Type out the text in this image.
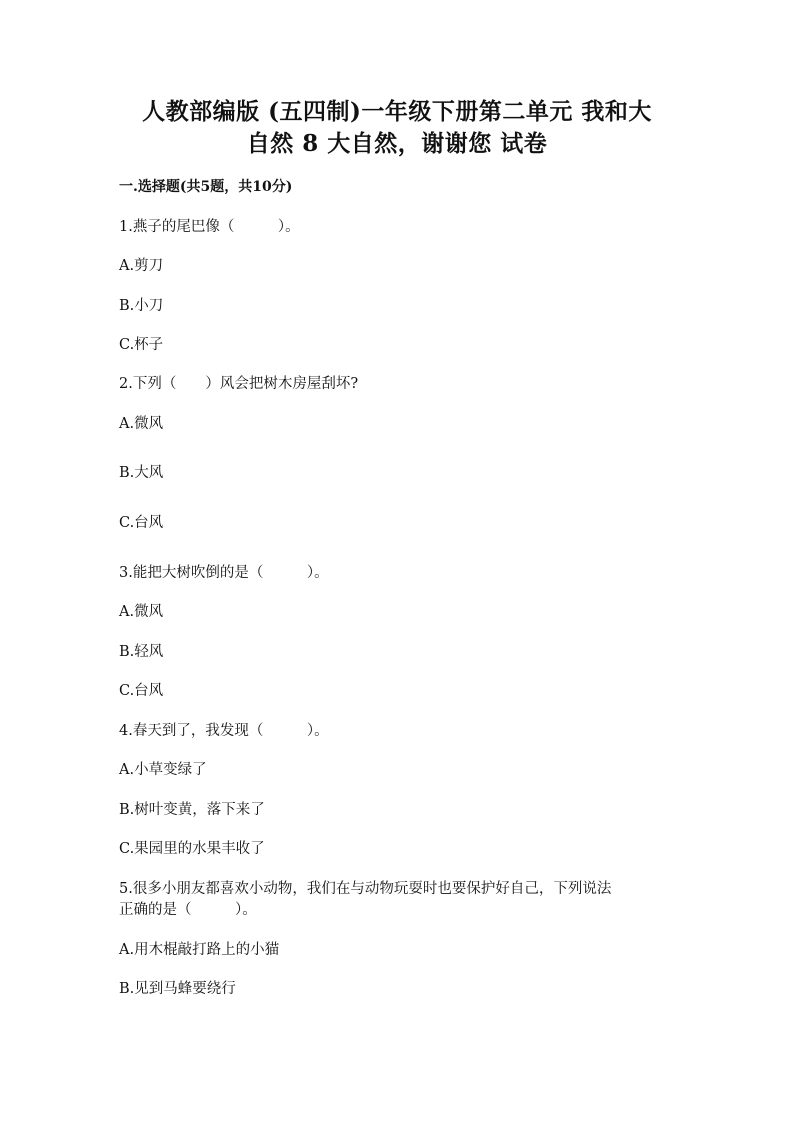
人教部编版 (五四制)一年级下册第二单元 我和大
自然 8 大自然，谢谢您 试卷
一.选择题(共5题，共10分)
1.燕子的尾巴像（　　　）。
A.剪刀
B.小刀
C.杯子
2.下列（　　）风会把树木房屋刮坏?
A.微风
B.大风
C.台风
3.能把大树吹倒的是（　　　）。
A.微风
B.轻风
C.台风
4.春天到了，我发现（　　　）。
A.小草变绿了
B.树叶变黄，落下来了
C.果园里的水果丰收了
5.很多小朋友都喜欢小动物，我们在与动物玩耍时也要保护好自己，下列说法
正确的是（　　　）。
A.用木棍敲打路上的小猫
B.见到马蜂要绕行
